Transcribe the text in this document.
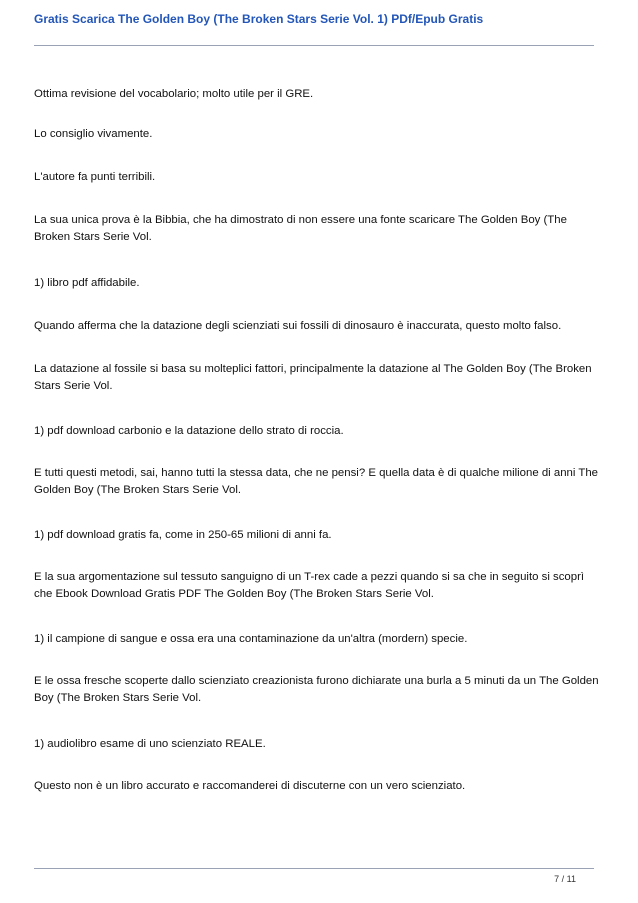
Gratis Scarica The Golden Boy (The Broken Stars Serie Vol. 1) PDf/Epub Gratis

Ottima revisione del vocabolario; molto utile per il GRE.

Lo consiglio vivamente.

L'autore fa punti terribili.

La sua unica prova è la Bibbia, che ha dimostrato di non essere una fonte scaricare The Golden Boy (The Broken Stars Serie Vol.

1) libro pdf affidabile.

Quando afferma che la datazione degli scienziati sui fossili di dinosauro è inaccurata, questo molto falso.

La datazione al fossile si basa su molteplici fattori, principalmente la datazione al The Golden Boy (The Broken Stars Serie Vol.

1) pdf download carbonio e la datazione dello strato di roccia.

E tutti questi metodi, sai, hanno tutti la stessa data, che ne pensi? E quella data è di qualche milione di anni The Golden Boy (The Broken Stars Serie Vol.

1) pdf download gratis fa, come in 250-65 milioni di anni fa.

E la sua argomentazione sul tessuto sanguigno di un T-rex cade a pezzi quando si sa che in seguito si scoprì che Ebook Download Gratis PDF The Golden Boy (The Broken Stars Serie Vol.

1) il campione di sangue e ossa era una contaminazione da un'altra (mordern) specie.

E le ossa fresche scoperte dallo scienziato creazionista furono dichiarate una burla a 5 minuti da un The Golden Boy (The Broken Stars Serie Vol.

1) audiolibro esame di uno scienziato REALE.

Questo non è un libro accurato e raccomanderei di discuterne con un vero scienziato.

7 / 11
